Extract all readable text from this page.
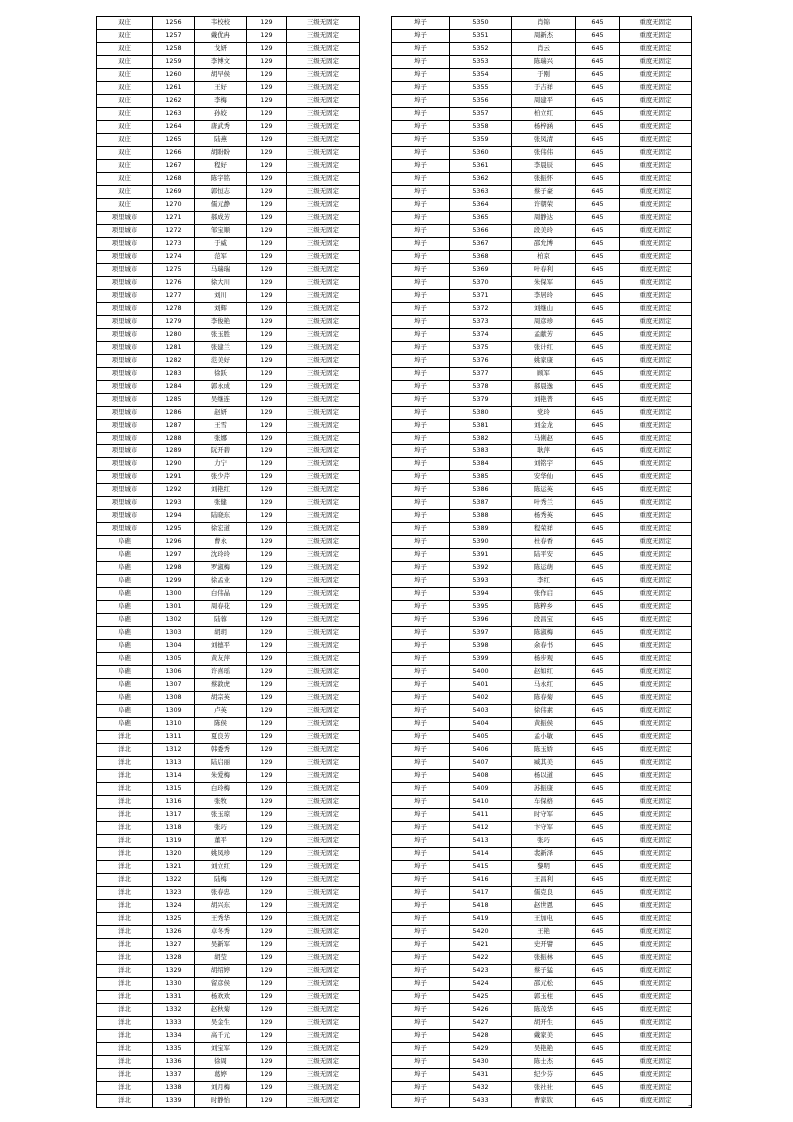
双庄	1256	韦校校	129	三级无固定
双庄	1257	戴优冉	129	三级无固定
双庄	1258	戈妍	129	三级无固定
双庄	1259	李博文	129	三级无固定
双庄	1260	胡早侯	129	三级无固定
双庄	1261	王好	129	三级无固定
双庄	1262	李梅	129	三级无固定
双庄	1263	孙姣	129	三级无固定
双庄	1264	唐武秀	129	三级无固定
双庄	1265	陆燕	129	三级无固定
双庄	1266	胡盼盼	129	三级无固定
双庄	1267	程好	129	三级无固定
双庄	1268	陈宇铭	129	三级无固定
双庄	1269	郭恒志	129	三级无固定
双庄	1270	儒元静	129	三级无固定
项里城市	1271	郝成芳	129	三级无固定
项里城市	1272	邹宝顺	129	三级无固定
项里城市	1273	于威	129	三级无固定
项里城市	1274	范军	129	三级无固定
项里城市	1275	马瑞瑞	129	三级无固定
项里城市	1276	徐大川	129	三级无固定
项里城市	1277	刘川	129	三级无固定
项里城市	1278	刘辉	129	三级无固定
项里城市	1279	李俊艳	129	三级无固定
项里城市	1280	张玉胜	129	三级无固定
项里城市	1281	张建兰	129	三级无固定
项里城市	1282	范美好	129	三级无固定
项里城市	1283	徐跃	129	三级无固定
项里城市	1284	郭永成	129	三级无固定
项里城市	1285	吴继连	129	三级无固定
项里城市	1286	赵妍	129	三级无固定
项里城市	1287	王雪	129	三级无固定
项里城市	1288	张娜	129	三级无固定
项里城市	1289	阮开碧	129	三级无固定
项里城市	1290	力宁	129	三级无固定
项里城市	1291	张少芹	129	三级无固定
项里城市	1292	刘艳红	129	三级无固定
项里城市	1293	张健	129	三级无固定
项里城市	1294	陆晓东	129	三级无固定
项里城市	1295	徐宏道	129	三级无固定
阜礁	1296	曹永	129	三级无固定
阜礁	1297	沈玲玲	129	三级无固定
阜礁	1298	罗淑梅	129	三级无固定
阜礁	1299	徐孟业	129	三级无固定
阜礁	1300	白伟晶	129	三级无固定
阜礁	1301	周春花	129	三级无固定
阜礁	1302	陆蓉	129	三级无固定
阜礁	1303	胡玥	129	三级无固定
阜礁	1304	刘德平	129	三级无固定
阜礁	1305	黄友萍	129	三级无固定
阜礁	1306	许喜瑶	129	三级无固定
阜礁	1307	蔡敦虎	129	三级无固定
阜礁	1308	胡宗英	129	三级无固定
阜礁	1309	卢英	129	三级无固定
阜礁	1310	陈侯	129	三级无固定
洋北	1311	夏良芳	129	三级无固定
洋北	1312	韩委秀	129	三级无固定
洋北	1313	陆启丽	129	三级无固定
洋北	1314	朱爱梅	129	三级无固定
洋北	1315	白玲梅	129	三级无固定
洋北	1316	张牧	129	三级无固定
洋北	1317	张玉琼	129	三级无固定
洋北	1318	张巧	129	三级无固定
洋北	1319	董平	129	三级无固定
洋北	1320	姚凤珍	129	三级无固定
洋北	1321	刘立红	129	三级无固定
洋北	1322	陆梅	129	三级无固定
洋北	1323	张春忠	129	三级无固定
洋北	1324	胡兴东	129	三级无固定
洋北	1325	王秀华	129	三级无固定
洋北	1326	卓冬秀	129	三级无固定
洋北	1327	吴新军	129	三级无固定
洋北	1328	胡莹	129	三级无固定
洋北	1329	胡绍婷	129	三级无固定
洋北	1330	留彦侯	129	三级无固定
洋北	1331	杨欢欢	129	三级无固定
洋北	1332	赵秋菊	129	三级无固定
洋北	1333	吴金生	129	三级无固定
洋北	1334	高千元	129	三级无固定
洋北	1335	刘宝军	129	三级无固定
洋北	1336	徐周	129	三级无固定
洋北	1337	葛婷	129	三级无固定
洋北	1338	刘月梅	129	三级无固定
洋北	1339	时静怡	129	三级无固定
埠子	5350	肖锦	645	重度无固定
埠子	5351	周新杰	645	重度无固定
埠子	5352	肖云	645	重度无固定
埠子	5353	陈瑞兴	645	重度无固定
埠子	5354	于刚	645	重度无固定
埠子	5355	于吉祥	645	重度无固定
埠子	5356	周建平	645	重度无固定
埠子	5357	柏立红	645	重度无固定
埠子	5358	杨梓涵	645	重度无固定
埠子	5359	张凤清	645	重度无固定
埠子	5360	张伟伟	645	重度无固定
埠子	5361	李晨辰	645	重度无固定
埠子	5362	张振怀	645	重度无固定
埠子	5363	蔡子豪	645	重度无固定
埠子	5364	许朝荣	645	重度无固定
埠子	5365	周静达	645	重度无固定
埠子	5366	段美玲	645	重度无固定
埠子	5367	邵允博	645	重度无固定
埠子	5368	柏京	645	重度无固定
埠子	5369	叶春利	645	重度无固定
埠子	5370	朱保军	645	重度无固定
埠子	5371	李居玲	645	重度无固定
埠子	5372	刘继山	645	重度无固定
埠子	5373	周彦珍	645	重度无固定
埠子	5374	孟献芳	645	重度无固定
埠子	5375	张计红	645	重度无固定
埠子	5376	姚家康	645	重度无固定
埠子	5377	顾军	645	重度无固定
埠子	5378	郝晨逸	645	重度无固定
埠子	5379	刘艳普	645	重度无固定
埠子	5380	党玲	645	重度无固定
埠子	5381	刘金龙	645	重度无固定
埠子	5382	马俐赵	645	重度无固定
埠子	5383	耿萍	645	重度无固定
埠子	5384	刘铭宇	645	重度无固定
埠子	5385	安华仙	645	重度无固定
埠子	5386	陈运英	645	重度无固定
埠子	5387	叶秀兰	645	重度无固定
埠子	5388	杨秀英	645	重度无固定
埠子	5389	程荣祥	645	重度无固定
埠子	5390	杜春香	645	重度无固定
埠子	5391	陆平安	645	重度无固定
埠子	5392	陈运萌	645	重度无固定
埠子	5393	李红	645	重度无固定
埠子	5394	张作启	645	重度无固定
埠子	5395	陈粹乡	645	重度无固定
埠子	5396	段昌宝	645	重度无固定
埠子	5397	陈淑梅	645	重度无固定
埠子	5398	余春书	645	重度无固定
埠子	5399	杨步观	645	重度无固定
埠子	5400	赵如红	645	重度无固定
埠子	5401	马永红	645	重度无固定
埠子	5402	陈春菊	645	重度无固定
埠子	5403	徐伟素	645	重度无固定
埠子	5404	黄振侯	645	重度无固定
埠子	5405	孟小敏	645	重度无固定
埠子	5406	陈玉娇	645	重度无固定
埠子	5407	臧其美	645	重度无固定
埠子	5408	杨以道	645	重度无固定
埠子	5409	苏振康	645	重度无固定
埠子	5410	车保格	645	重度无固定
埠子	5411	时守军	645	重度无固定
埠子	5412	卞守军	645	重度无固定
埠子	5413	张巧	645	重度无固定
埠子	5414	裴新泽	645	重度无固定
埠子	5415	黎明	645	重度无固定
埠子	5416	王昌利	645	重度无固定
埠子	5417	儒克良	645	重度无固定
埠子	5418	赵世恩	645	重度无固定
埠子	5419	王加电	645	重度无固定
埠子	5420	王艳	645	重度无固定
埠子	5421	史开譬	645	重度无固定
埠子	5422	张振林	645	重度无固定
埠子	5423	蔡子猛	645	重度无固定
埠子	5424	邵元松	645	重度无固定
埠子	5425	郭玉柱	645	重度无固定
埠子	5426	陈茂华	645	重度无固定
埠子	5427	胡开生	645	重度无固定
埠子	5428	戴家美	645	重度无固定
埠子	5429	吴艳艳	645	重度无固定
埠子	5430	陈士杰	645	重度无固定
埠子	5431	纪少芬	645	重度无固定
埠子	5432	张社社	645	重度无固定
埠子	5433	曹家钦	645	重度无固定
...
